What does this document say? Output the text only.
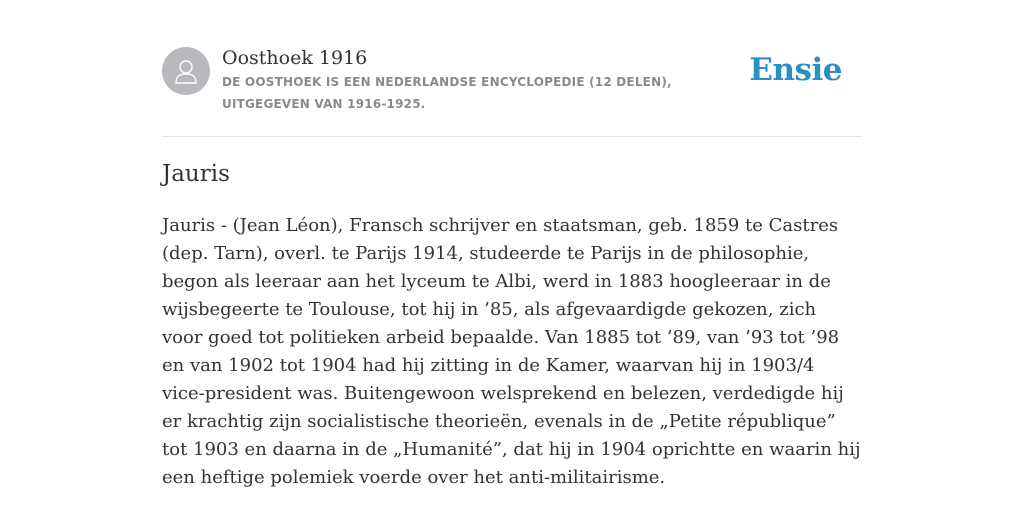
Oosthoek 1916

DE OOSTHOEK IS EEN NEDERLANDSE ENCYCLOPEDIE (12 DELEN), UITGEGEVEN VAN 1916-1925.

Ensie
Jauris

Jauris - (Jean Léon), Fransch schrijver en staatsman, geb. 1859 te Castres (dep. Tarn), overl. te Parijs 1914, studeerde te Parijs in de philosophie, begon als leeraar aan het lyceum te Albi, werd in 1883 hoogleeraar in de wijsbegeerte te Toulouse, tot hij in ’85, als afgevaardigde gekozen, zich voor goed tot politieken arbeid bepaalde. Van 1885 tot ’89, van ’93 tot ’98 en van 1902 tot 1904 had hij zitting in de Kamer, waarvan hij in 1903/4 vice-president was. Buitengewoon welsprekend en belezen, verdedigde hij er krachtig zijn socialistische theorieën, evenals in de „Petite république” tot 1903 en daarna in de „Humanité”, dat hij in 1904 oprichtte en waarin hij een heftige polemiek voerde over het anti-militairisme.
